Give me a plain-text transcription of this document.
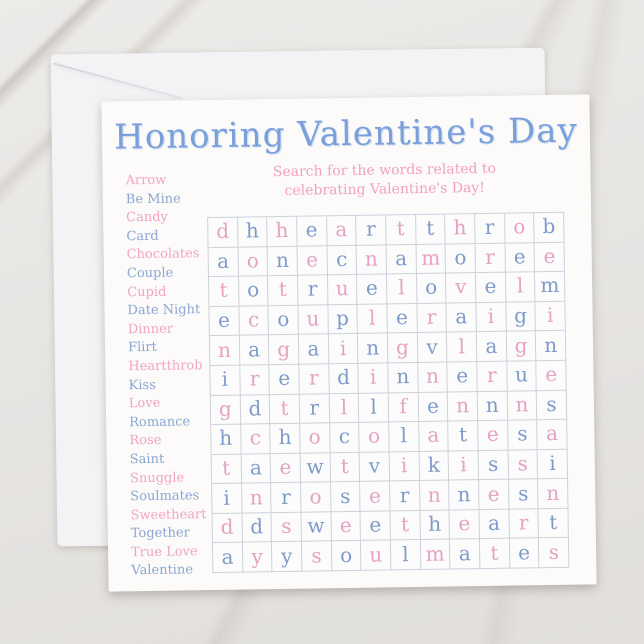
Honoring Valentine's Day
Search for the words related to
celebrating Valentine's Day!
Arrow
Be Mine
Candy
Card
Chocolates
Couple
Cupid
Date Night
Dinner
Flirt
Heartthrob
Kiss
Love
Romance
Rose
Saint
Snuggle
Soulmates
Sweetheart
Together
True Love
Valentine
d h h e a r	t	t h r o b
a o n e c n a m o r e e
t o t	r u e	l	o v e	l m
e c o u p l	e r a	i g i
n a g a	i n g v	l	a g n
i	r e r d i n n e r u e
g d t	r	l	l	f e n n n s
h c h o c o	l	a t e s a
t a e w t v	i	k	i	s s	i
i n r o s e r n n e s n
d d s w e e t h e a r	t
a y y s o u l m a t e s
